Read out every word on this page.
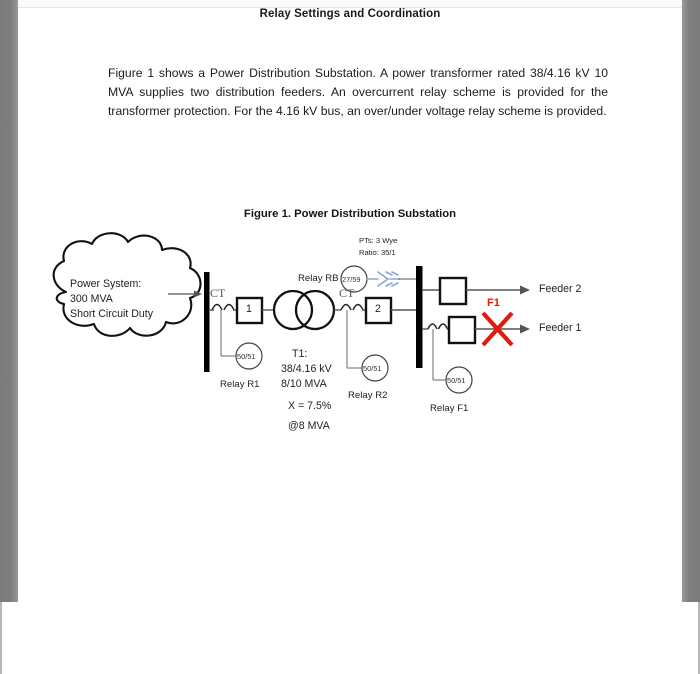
Relay Settings and Coordination
Figure 1 shows a Power Distribution Substation. A power transformer rated 38/4.16 kV 10 MVA supplies two distribution feeders. An overcurrent relay scheme is provided for the transformer protection. For the 4.16 kV bus, an over/under voltage relay scheme is provided.
Figure 1. Power Distribution Substation
Power System:
300 MVA
Short Circuit Duty
CT	CT
1	2
50/51
Relay R1
50/51
Relay R2
50/51
Relay F1
Relay RB 27/59
PTs: 3 Wye
Ratio: 35/1
T1:
38/4.16 kV
8/10 MVA
X = 7.5%
@8 MVA
Feeder 2
Feeder 1
F1
